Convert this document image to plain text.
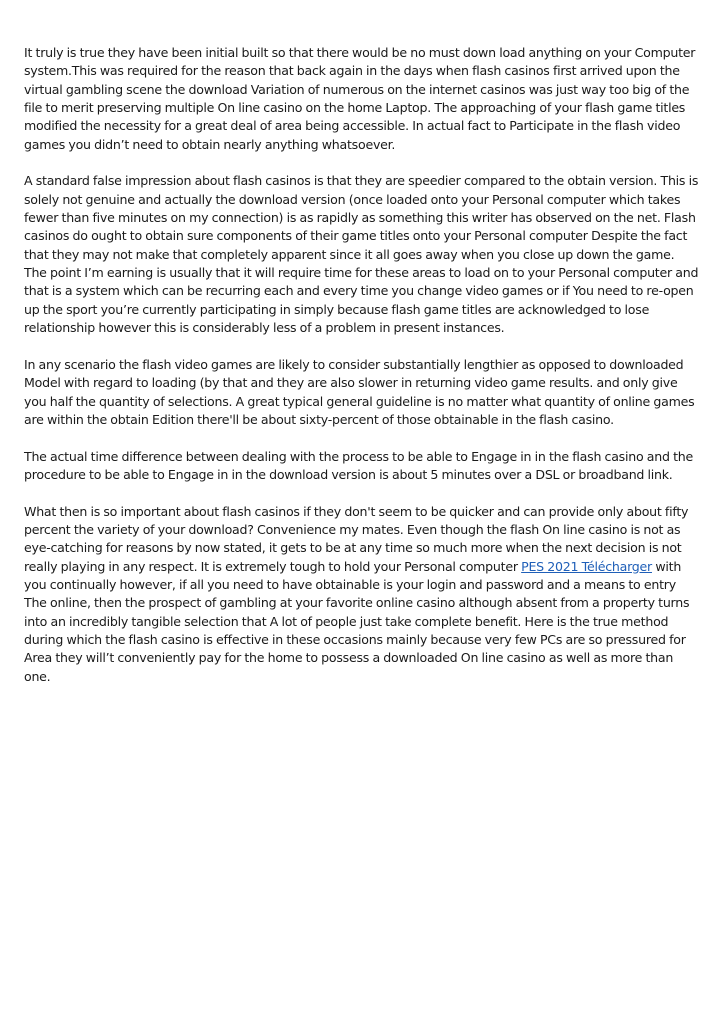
It truly is true they have been initial built so that there would be no must down load anything on your Computer system.This was required for the reason that back again in the days when flash casinos first arrived upon the virtual gambling scene the download Variation of numerous on the internet casinos was just way too big of the file to merit preserving multiple On line casino on the home Laptop. The approaching of your flash game titles modified the necessity for a great deal of area being accessible. In actual fact to Participate in the flash video games you didn’t need to obtain nearly anything whatsoever.

A standard false impression about flash casinos is that they are speedier compared to the obtain version. This is solely not genuine and actually the download version (once loaded onto your Personal computer which takes fewer than five minutes on my connection) is as rapidly as something this writer has observed on the net. Flash casinos do ought to obtain sure components of their game titles onto your Personal computer Despite the fact that they may not make that completely apparent since it all goes away when you close up down the game. The point I’m earning is usually that it will require time for these areas to load on to your Personal computer and that is a system which can be recurring each and every time you change video games or if You need to re-open up the sport you’re currently participating in simply because flash game titles are acknowledged to lose relationship however this is considerably less of a problem in present instances.

In any scenario the flash video games are likely to consider substantially lengthier as opposed to downloaded Model with regard to loading (by that and they are also slower in returning video game results. and only give you half the quantity of selections. A great typical general guideline is no matter what quantity of online games are within the obtain Edition there'll be about sixty-percent of those obtainable in the flash casino.

The actual time difference between dealing with the process to be able to Engage in in the flash casino and the procedure to be able to Engage in in the download version is about 5 minutes over a DSL or broadband link.

What then is so important about flash casinos if they don't seem to be quicker and can provide only about fifty percent the variety of your download? Convenience my mates. Even though the flash On line casino is not as eye-catching for reasons by now stated, it gets to be at any time so much more when the next decision is not really playing in any respect. It is extremely tough to hold your Personal computer PES 2021 Télécharger with you continually however, if all you need to have obtainable is your login and password and a means to entry The online, then the prospect of gambling at your favorite online casino although absent from a property turns into an incredibly tangible selection that A lot of people just take complete benefit. Here is the true method during which the flash casino is effective in these occasions mainly because very few PCs are so pressured for Area they will’t conveniently pay for the home to possess a downloaded On line casino as well as more than one.
